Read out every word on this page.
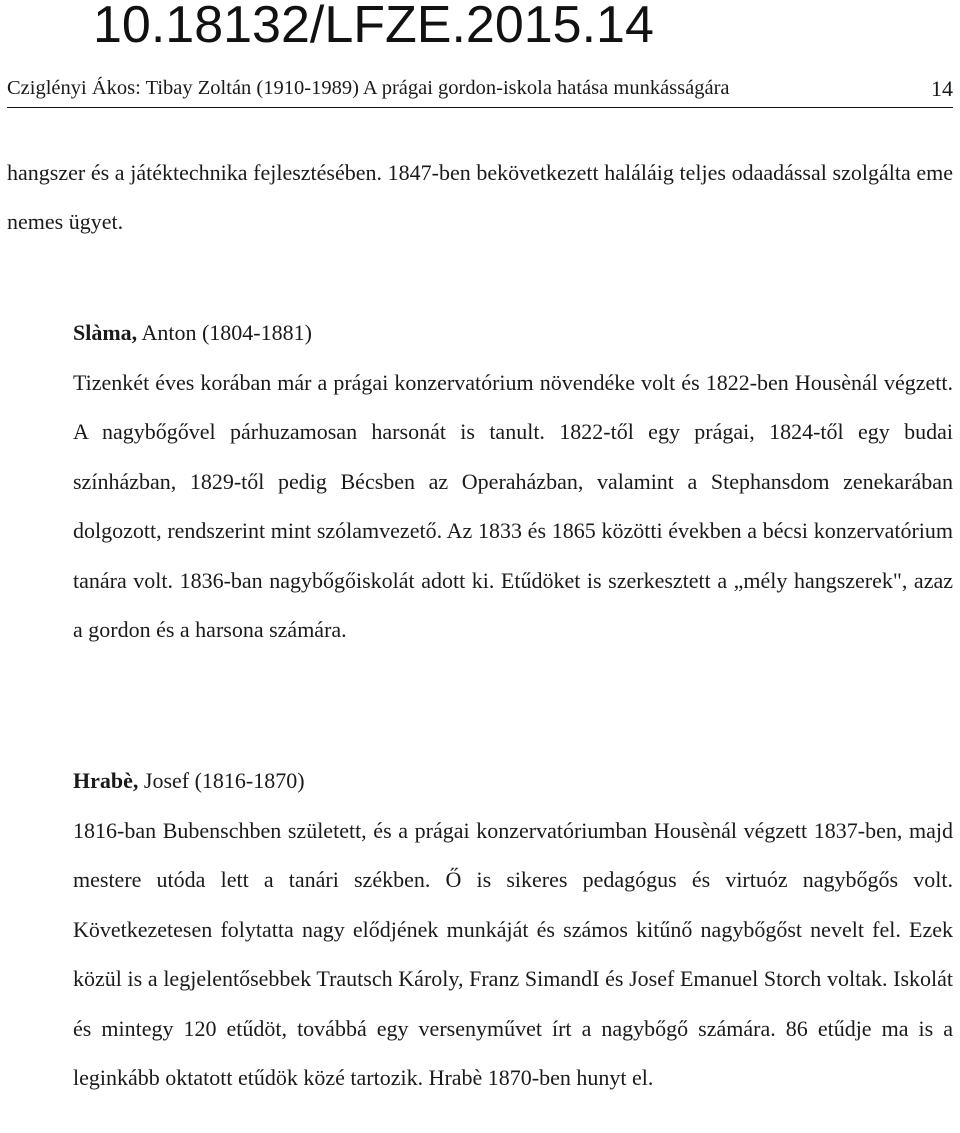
10.18132/LFZE.2015.14
Cziglényi Ákos: Tibay Zoltán (1910-1989) A prágai gordon-iskola hatása munkásságára	14

hangszer és a játéktechnika fejlesztésében. 1847-ben bekövetkezett haláláig teljes odaadással szolgálta eme nemes ügyet.

Slàma, Anton (1804-1881)

Tizenkét éves korában már a prágai konzervatórium növendéke volt és 1822-ben Housènál végzett. A nagybőgővel párhuzamosan harsonát is tanult. 1822-től egy prágai, 1824-től egy budai színházban, 1829-től pedig Bécsben az Operaházban, valamint a Stephansdom zenekarában dolgozott, rendszerint mint szólamvezető. Az 1833 és 1865 közötti években a bécsi konzervatórium tanára volt. 1836-ban nagybőgőiskolát adott ki. Etűdöket is szerkesztett a „mély hangszerek", azaz a gordon és a harsona számára.

Hrabè, Josef (1816-1870)

1816-ban Bubenschben született, és a prágai konzervatóriumban Housènál végzett 1837-ben, majd mestere utóda lett a tanári székben. Ő is sikeres pedagógus és virtuóz nagybőgős volt. Következetesen folytatta nagy elődjének munkáját és számos kitűnő nagybőgőst nevelt fel. Ezek közül is a legjelentősebbek Trautsch Károly, Franz SimandI és Josef Emanuel Storch voltak. Iskolát és mintegy 120 etűdöt, továbbá egy versenyművet írt a nagybőgő számára. 86 etűdje ma is a leginkább oktatott etűdök közé tartozik. Hrabè 1870-ben hunyt el.
